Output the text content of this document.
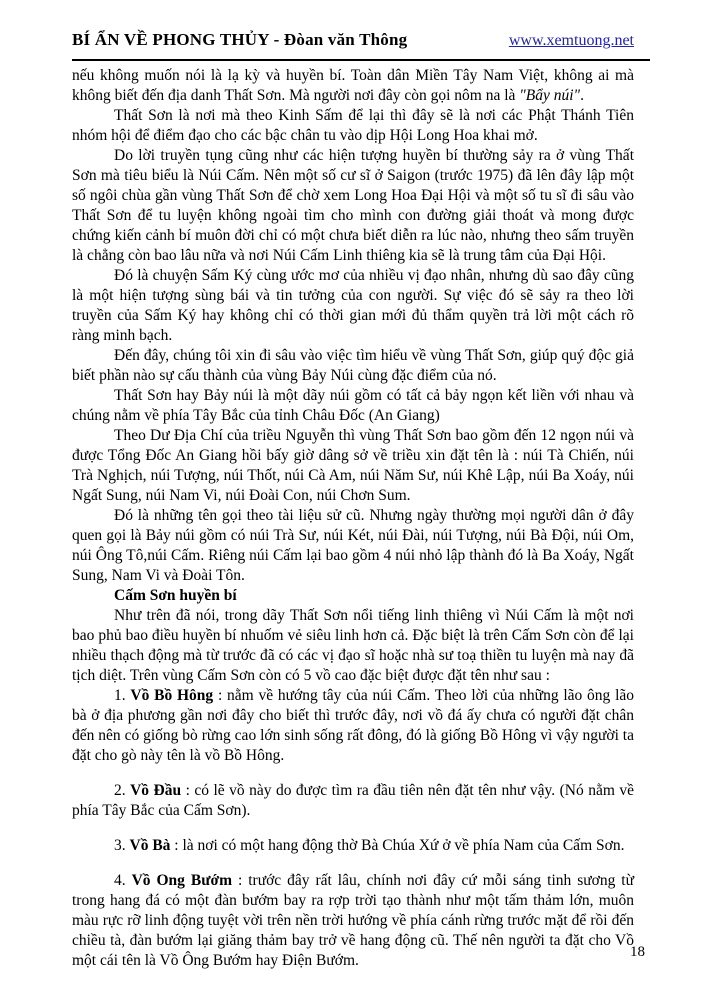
BÍ ẨN VỀ PHONG THỦY - Đòan văn Thông	www.xemtuong.net

nếu không muốn nói là lạ kỳ và huyền bí. Toàn dân Miền Tây Nam Việt, không ai mà không biết đến địa danh Thất Sơn. Mà người nơi đây còn gọi nôm na là "Bẩy núi".

Thất Sơn là nơi mà theo Kinh Sấm để lại thì đây sẽ là nơi các Phật Thánh Tiên nhóm hội để điểm đạo cho các bậc chân tu vào dịp Hội Long Hoa khai mở.

Do lời truyền tụng cũng như các hiện tượng huyền bí thường sảy ra ở vùng Thất Sơn mà tiêu biểu là Núi Cấm. Nên một số cư sĩ ở Saigon (trước 1975) đã lên đây lập một số ngôi chùa gần vùng Thất Sơn để chờ xem Long Hoa Đại Hội và một số tu sĩ đi sâu vào Thất Sơn để tu luyện không ngoài tìm cho mình con đường giải thoát và mong được chứng kiến cảnh bí muôn đời chỉ có một chưa biết diễn ra lúc nào, nhưng theo sấm truyền là chẳng còn bao lâu nữa và nơi Núi Cấm Linh thiêng kia sẽ là trung tâm của Đại Hội.

Đó là chuyện Sấm Ký cùng ước mơ của nhiều vị đạo nhân, nhưng dù sao đây cũng là một hiện tượng sùng bái và tin tưởng của con người. Sự việc đó sẽ sảy ra theo lời truyền của Sấm Ký hay không chỉ có thời gian mới đủ thẩm quyền trả lời một cách rõ ràng minh bạch.

Đến đây, chúng tôi xin đi sâu vào việc tìm hiểu về vùng Thất Sơn, giúp quý độc giả biết phần nào sự cấu thành của vùng Bảy Núi cùng đặc điểm của nó.

Thất Sơn hay Bảy núi là một dãy núi gồm có tất cả bảy ngọn kết liền với nhau và chúng nằm về phía Tây Bắc của tỉnh Châu Đốc (An Giang)

Theo Dư Địa Chí của triều Nguyễn thì vùng Thất Sơn bao gồm đến 12 ngọn núi và được Tổng Đốc An Giang hồi bấy giờ dâng sở về triều xin đặt tên là : núi Tà Chiến, núi Trà Nghịch, núi Tượng, núi Thốt, núi Cà Am, núi Năm Sư, núi Khê Lập, núi Ba Xoáy, núi Ngất Sung, núi Nam Vi, núi Đoài Con, núi Chơn Sum.

Đó là những tên gọi theo tài liệu sử cũ. Nhưng ngày thường mọi người dân ở đây quen gọi là Bảy núi gồm có núi Trà Sư, núi Két, núi Đài, núi Tượng, núi Bà Đội, núi Om, núi Ông Tô,núi Cấm. Riêng núi Cấm lại bao gồm 4 núi nhỏ lập thành đó là Ba Xoáy, Ngất Sung, Nam Vi và Đoài Tôn.

Cấm Sơn huyền bí

Như trên đã nói, trong dãy Thất Sơn nổi tiếng linh thiêng vì Núi Cấm là một nơi bao phủ bao điều huyền bí nhuốm vẻ siêu linh hơn cả. Đặc biệt là trên Cấm Sơn còn để lại nhiều thạch động mà từ trước đã có các vị đạo sĩ hoặc nhà sư toạ thiền tu luyện mà nay đã tịch diệt. Trên vùng Cấm Sơn còn có 5 vồ cao đặc biệt được đặt tên như sau :

1. Vồ Bồ Hông : nằm về hướng tây của núi Cấm. Theo lời của những lão ông lão bà ở địa phương gần nơi đây cho biết thì trước đây, nơi vồ đá ấy chưa có người đặt chân đến nên có giống bò rừng cao lớn sinh sống rất đông, đó là giống Bồ Hông vì vậy người ta đặt cho gò này tên là vồ Bồ Hông.

2. Vồ Đầu : có lẽ vồ này do được tìm ra đầu tiên nên đặt tên như vậy. (Nó nằm về phía Tây Bắc của Cấm Sơn).

3. Vồ Bà : là nơi có một hang động thờ Bà Chúa Xứ ở về phía Nam của Cấm Sơn.

4. Vồ Ong Bướm : trước đây rất lâu, chính nơi đây cứ mỗi sáng tinh sương từ trong hang đá có một đàn bướm bay ra rợp trời tạo thành như một tấm thảm lớn, muôn màu rực rỡ linh động tuyệt vời trên nền trời hướng về phía cánh rừng trước mặt để rồi đến chiều tà, đàn bướm lại giăng thảm bay trở về hang động cũ. Thế nên người ta đặt cho Vồ một cái tên là Vồ Ông Bướm hay Điện Bướm.	18
